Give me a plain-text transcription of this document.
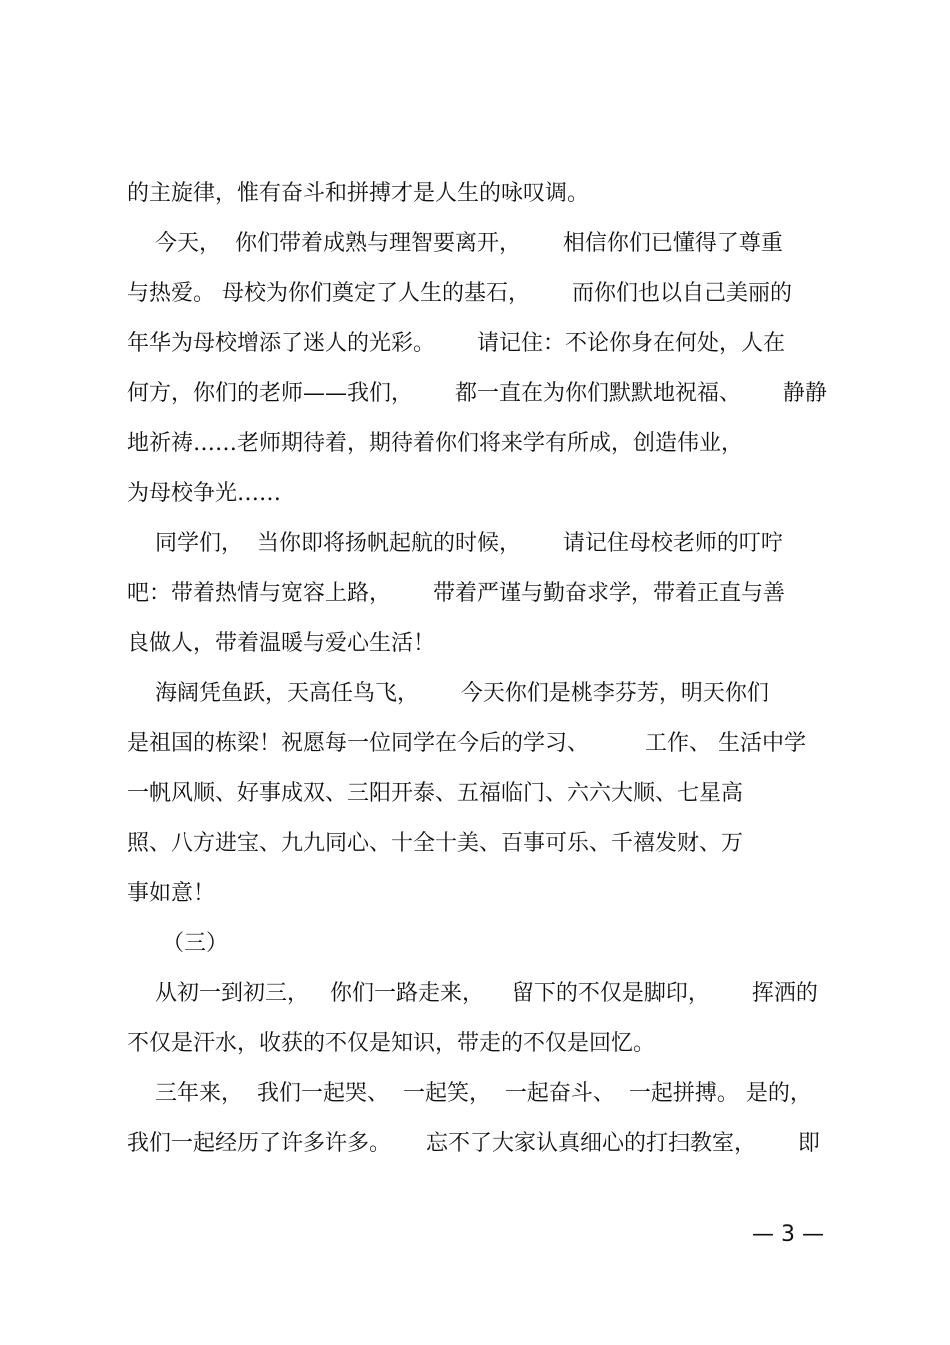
的主旋律，惟有奋斗和拼搏才是人生的咏叹调。

今天，  你们带着成熟与理智要离开，      相信你们已懂得了尊重

与热爱。 母校为你们奠定了人生的基石，      而你们也以自己美丽的

年华为母校增添了迷人的光彩。      请记住：不论你身在何处，人在

何方，你们的老师——我们，      都一直在为你们默默地祝福、      静静

地祈祷……老师期待着，期待着你们将来学有所成，创造伟业，

为母校争光……

同学们，  当你即将扬帆起航的时候，      请记住母校老师的叮咛

吧：带着热情与宽容上路，      带着严谨与勤奋求学，带着正直与善

良做人，带着温暖与爱心生活！

海阔凭鱼跃，天高任鸟飞，      今天你们是桃李芬芳，明天你们

是祖国的栋梁！祝愿每一位同学在今后的学习、        工作、 生活中学

一帆风顺、好事成双、三阳开泰、五福临门、六六大顺、七星高

照、八方进宝、九九同心、十全十美、百事可乐、千禧发财、万

事如意！

（三）

从初一到初三，   你们一路走来，    留下的不仅是脚印，      挥洒的

不仅是汗水，收获的不仅是知识，带走的不仅是回忆。

三年来，  我们一起哭、  一起笑，  一起奋斗、  一起拼搏。 是的，

我们一起经历了许多许多。     忘不了大家认真细心的打扫教室，      即

— 3 —
